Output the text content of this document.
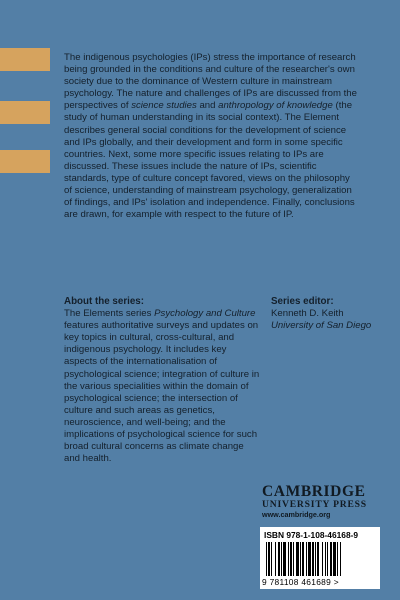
The indigenous psychologies (IPs) stress the importance of research being grounded in the conditions and culture of the researcher's own society due to the dominance of Western culture in mainstream psychology. The nature and challenges of IPs are discussed from the perspectives of science studies and anthropology of knowledge (the study of human understanding in its social context). The Element describes general social conditions for the development of science and IPs globally, and their development and form in some specific countries. Next, some more specific issues relating to IPs are discussed. These issues include the nature of IPs, scientific standards, type of culture concept favored, views on the philosophy of science, understanding of mainstream psychology, generalization of findings, and IPs' isolation and independence. Finally, conclusions are drawn, for example with respect to the future of IP.

About the series:

The Elements series Psychology and Culture features authoritative surveys and updates on key topics in cultural, cross-cultural, and indigenous psychology. It includes key aspects of the internationalisation of psychological science; integration of culture in the various specialities within the domain of psychological science; the intersection of culture and such areas as genetics, neuroscience, and well-being; and the implications of psychological science for such broad cultural concerns as climate change and health.

Series editor:

Kenneth D. Keith

University of San Diego

CAMBRIDGE
UNIVERSITY PRESS
www.cambridge.org
ISBN 978-1-108-46168-9
9 781108 461689 >
